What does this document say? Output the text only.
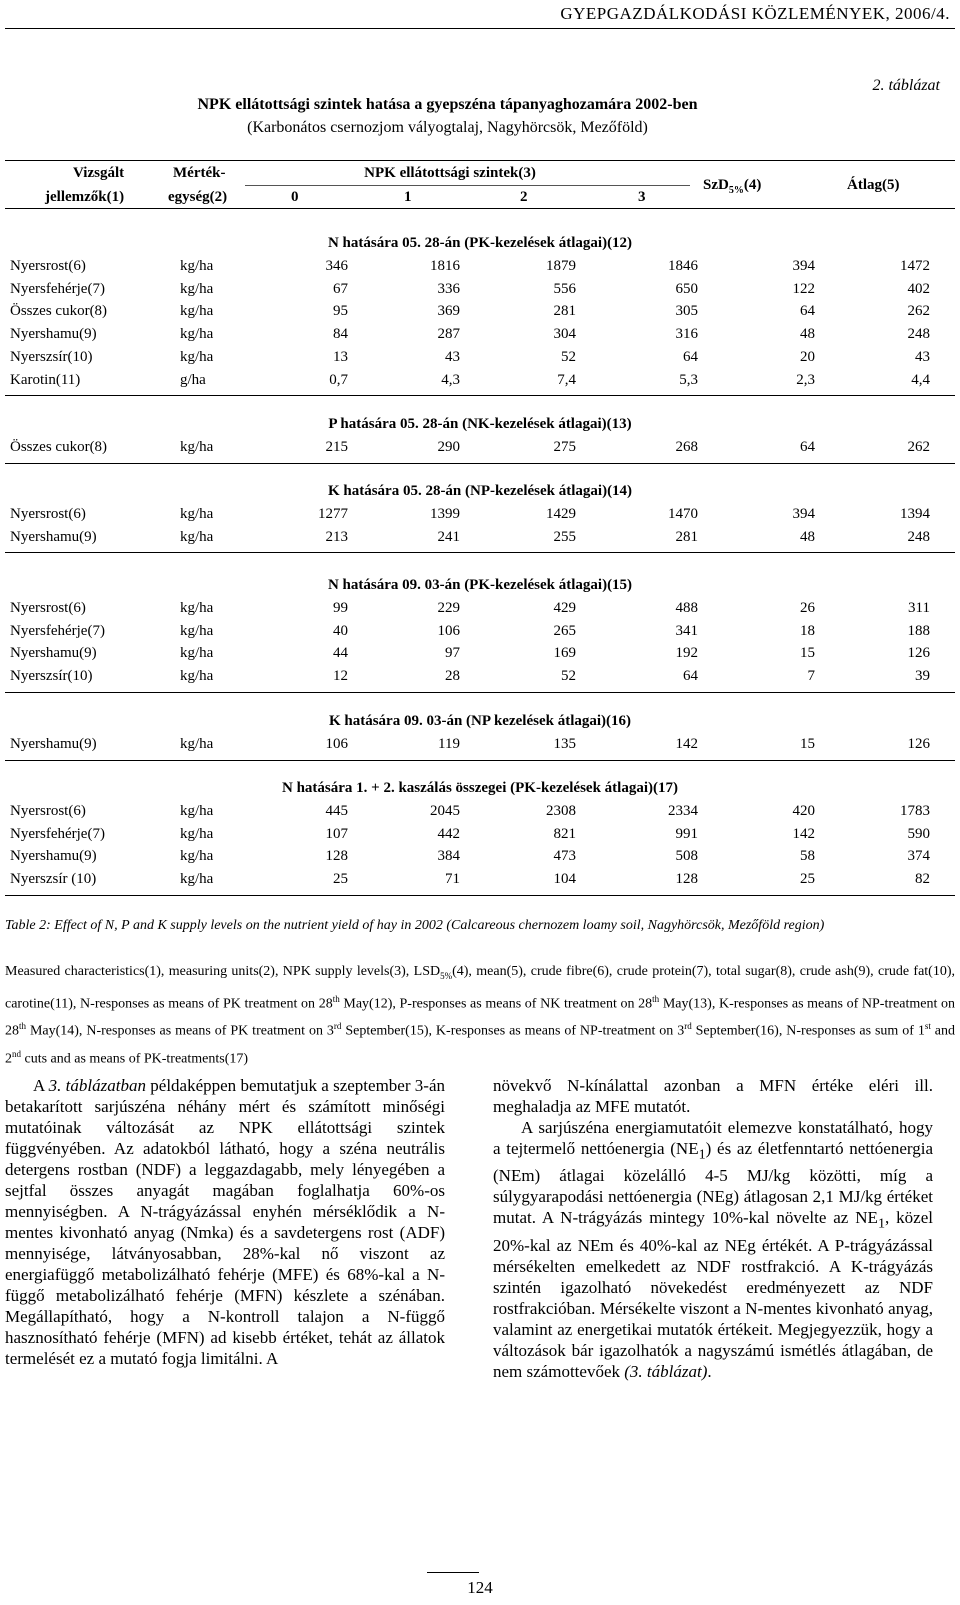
GYEPGAZDÁLKODÁSI KÖZLEMÉNYEK, 2006/4.
2. táblázat
NPK ellátottsági szintek hatása a gyepszéna tápanyaghozamára 2002-ben
(Karbonátos csernozjom vályogtalaj, Nagyhörcsök, Mezőföld)
Vizsgált
jellemzők(1)
Mérték-
egység(2)
NPK ellátottsági szintek(3)
0	1	2	3
SzD$_{5\%}$(4)	Átlag(5)
N hatására 05. 28-án (PK-kezelések átlagai)(12)
Nyersrost(6)	kg/ha	346	1816	1879	1846	394	1472
Nyersfehérje(7)	kg/ha	67	336	556	650	122	402
Összes cukor(8)	kg/ha	95	369	281	305	64	262
Nyershamu(9)	kg/ha	84	287	304	316	48	248
Nyerszsír(10)	kg/ha	13	43	52	64	20	43
Karotin(11)	g/ha	0,7	4,3	7,4	5,3	2,3	4,4
P hatására 05. 28-án (NK-kezelések átlagai)(13)
Összes cukor(8)	kg/ha	215	290	275	268	64	262
K hatására 05. 28-án (NP-kezelések átlagai)(14)
Nyersrost(6)	kg/ha	1277	1399	1429	1470	394	1394
Nyershamu(9)	kg/ha	213	241	255	281	48	248
N hatására 09. 03-án (PK-kezelések átlagai)(15)
Nyersrost(6)	kg/ha	99	229	429	488	26	311
Nyersfehérje(7)	kg/ha	40	106	265	341	18	188
Nyershamu(9)	kg/ha	44	97	169	192	15	126
Nyerszsír(10)	kg/ha	12	28	52	64	7	39
K hatására 09. 03-án (NP kezelések átlagai)(16)
Nyershamu(9)	kg/ha	106	119	135	142	15	126
N hatására 1. + 2. kaszálás összegei (PK-kezelések átlagai)(17)
Nyersrost(6)	kg/ha	445	2045	2308	2334	420	1783
Nyersfehérje(7)	kg/ha	107	442	821	991	142	590
Nyershamu(9)	kg/ha	128	384	473	508	58	374
Nyerszsír (10)	kg/ha	25	71	104	128	25	82
Table 2: Effect of N, P and K supply levels on the nutrient yield of hay in 2002 (Calcareous chernozem loamy soil, Nagyhörcsök, Mezőföld region)
Measured characteristics(1), measuring units(2), NPK supply levels(3), $LSD_{5\%}(4)$, mean(5), crude fibre(6), crude protein(7), total sugar(8), crude ash(9), crude fat(10), carotine(11), N-responses as means of PK treatment on 28th May(12), P-responses as means of NK treatment on 28th May(13), K-responses as means of NP-treatment on 28th May(14), N-responses as means of PK treatment on 3rd September(15), K-responses as means of NP-treatment on 3rd September(16), N-responses as sum of 1st and 2nd cuts and as means of PK-treatments(17)

A 3. táblázatban példaképpen bemutatjuk a szeptember 3-án betakarított sarjúszéna néhány mért és számított minőségi mutatóinak változását az NPK ellátottsági szintek függvényében. Az adatokból látható, hogy a széna neutrális detergens rostban (NDF) a leggazdagabb, mely lényegében a sejtfal összes anyagát magában foglalhatja 60%-os mennyiségben. A N-trágyázással enyhén mérséklődik a N-mentes kivonható anyag (Nmka) és a savdetergens rost (ADF) mennyisége, látványosabban, 28%-kal nő viszont az energiafüggő metabolizálható fehérje (MFE) és 68%-kal a N-függő metabolizálható fehérje (MFN) készlete a szénában. Megállapítható, hogy a N-kontroll talajon a N-függő hasznosítható fehérje (MFN) ad kisebb értéket, tehát az állatok termelését ez a mutató fogja limitálni. A

növekvő N-kínálattal azonban a MFN értéke eléri ill. meghaladja az MFE mutatót.

A sarjúszéna energiamutatóit elemezve konstatálható, hogy a tejtermelő nettóenergia $(NE_1)$ és az életfenntartó nettóenergia (NEm) átlagai közelálló 4-5 MJ/kg közötti, míg a súlygyarapodási nettóenergia (NEg) átlagosan 2,1 MJ/kg értéket mutat. A N-trágyázás mintegy 10%-kal növelte az $NE_1$, közel 20%-kal az NEm és 40%-kal az NEg értékét. A P-trágyázással mérsékelten emelkedett az NDF rostfrakció. A K-trágyázás szintén igazolható növekedést eredményezett az NDF rostfrakcióban. Mérsékelte viszont a N-mentes kivonható anyag, valamint az energetikai mutatók értékeit. Megjegyezzük, hogy a változások bár igazolhatók a nagyszámú ismétlés átlagában, de nem számottevőek (3. táblázat).

124
